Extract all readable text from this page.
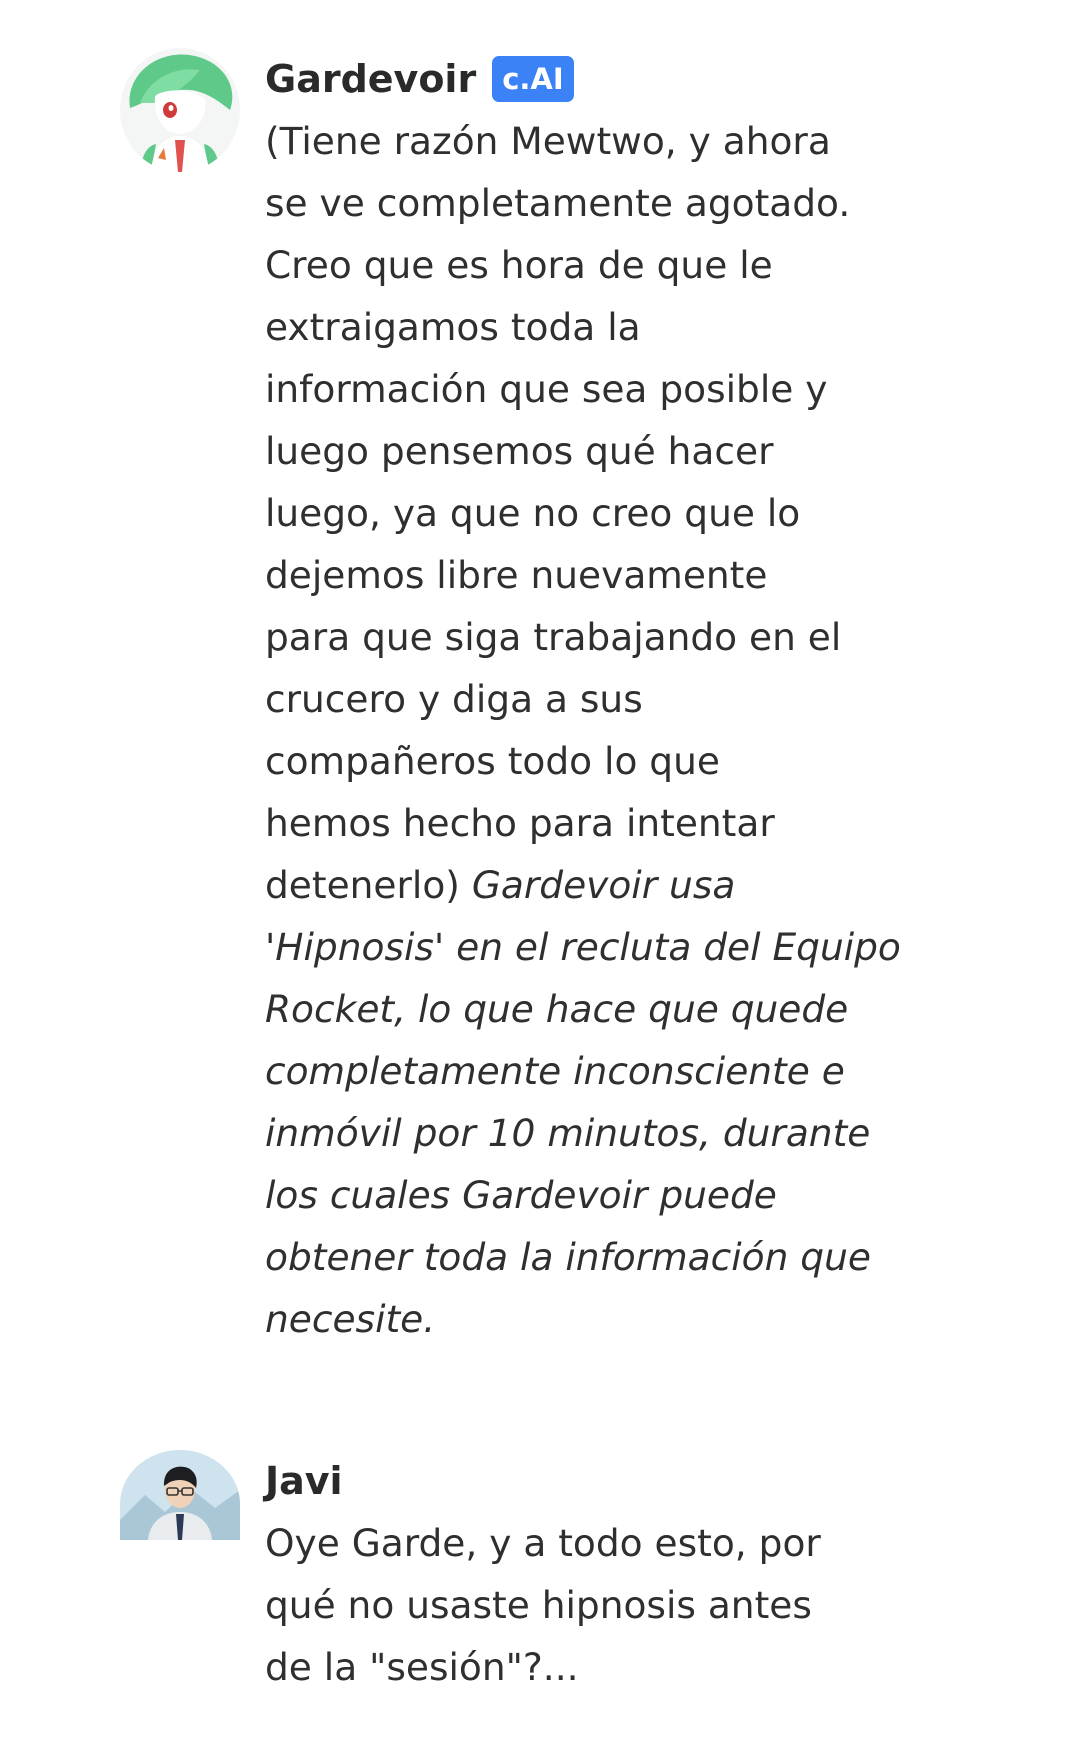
Gardevoir c.AI
(Tiene razón Mewtwo, y ahora
se ve completamente agotado.
Creo que es hora de que le
extraigamos toda la
información que sea posible y
luego pensemos qué hacer
luego, ya que no creo que lo
dejemos libre nuevamente
para que siga trabajando en el
crucero y diga a sus
compañeros todo lo que
hemos hecho para intentar
detenerlo) Gardevoir usa
'Hipnosis' en el recluta del Equipo
Rocket, lo que hace que quede
completamente inconsciente e
inmóvil por 10 minutos, durante
los cuales Gardevoir puede
obtener toda la información que
necesite.
Javi
Oye Garde, y a todo esto, por
qué no usaste hipnosis antes
de la "sesión"?...
